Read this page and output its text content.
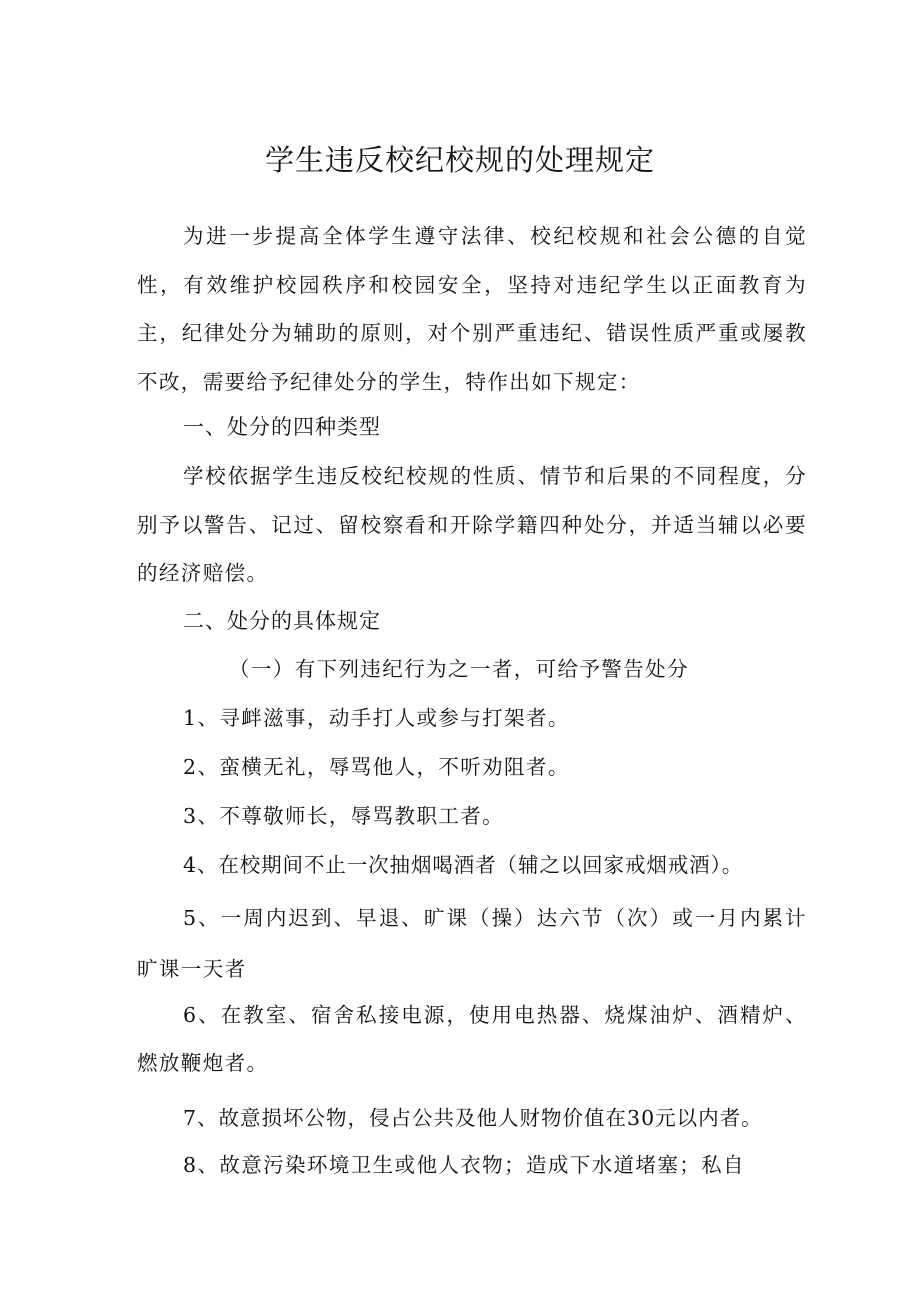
学生违反校纪校规的处理规定

为进一步提高全体学生遵守法律、校纪校规和社会公德的自觉性，有效维护校园秩序和校园安全，坚持对违纪学生以正面教育为主，纪律处分为辅助的原则，对个别严重违纪、错误性质严重或屡教不改，需要给予纪律处分的学生，特作出如下规定：

一、处分的四种类型

学校依据学生违反校纪校规的性质、情节和后果的不同程度，分别予以警告、记过、留校察看和开除学籍四种处分，并适当辅以必要的经济赔偿。

二、处分的具体规定
（一）有下列违纪行为之一者，可给予警告处分
1、寻衅滋事，动手打人或参与打架者。
2、蛮横无礼，辱骂他人，不听劝阻者。
3、不尊敬师长，辱骂教职工者。
4、在校期间不止一次抽烟喝酒者（辅之以回家戒烟戒酒）。

5、一周内迟到、早退、旷课（操）达六节（次）或一月内累计旷课一天者

6、在教室、宿舍私接电源，使用电热器、烧煤油炉、酒精炉、燃放鞭炮者。

7、故意损坏公物，侵占公共及他人财物价值在30元以内者。
8、故意污染环境卫生或他人衣物；造成下水道堵塞；私自
